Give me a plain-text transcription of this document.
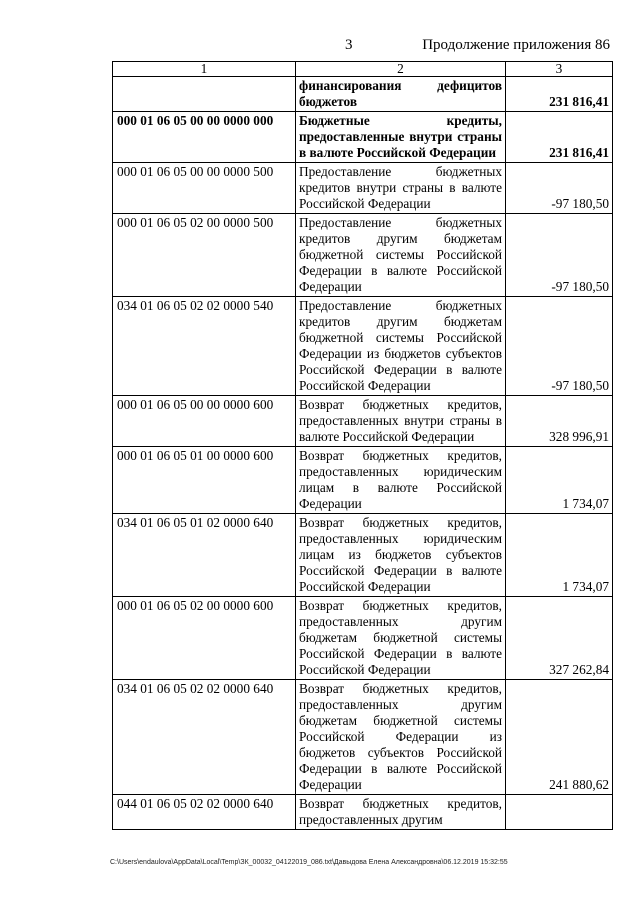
3	Продолжение приложения 86
1	2	3
	финансирования дефицитов бюджетов	231 816,41
000 01 06 05 00 00 0000 000	Бюджетные кредиты, предоставленные внутри страны в валюте Российской Федерации	231 816,41
000 01 06 05 00 00 0000 500	Предоставление бюджетных кредитов внутри страны в валюте Российской Федерации	-97 180,50
000 01 06 05 02 00 0000 500	Предоставление бюджетных кредитов другим бюджетам бюджетной системы Российской Федерации в валюте Российской Федерации	-97 180,50
034 01 06 05 02 02 0000 540	Предоставление бюджетных кредитов другим бюджетам бюджетной системы Российской Федерации из бюджетов субъектов Российской Федерации в валюте Российской Федерации	-97 180,50
000 01 06 05 00 00 0000 600	Возврат бюджетных кредитов, предоставленных внутри страны в валюте Российской Федерации	328 996,91
000 01 06 05 01 00 0000 600	Возврат бюджетных кредитов, предоставленных юридическим лицам в валюте Российской Федерации	1 734,07
034 01 06 05 01 02 0000 640	Возврат бюджетных кредитов, предоставленных юридическим лицам из бюджетов субъектов Российской Федерации в валюте Российской Федерации	1 734,07
000 01 06 05 02 00 0000 600	Возврат бюджетных кредитов, предоставленных другим бюджетам бюджетной системы Российской Федерации в валюте Российской Федерации	327 262,84
034 01 06 05 02 02 0000 640	Возврат бюджетных кредитов, предоставленных другим бюджетам бюджетной системы Российской Федерации из бюджетов субъектов Российской Федерации в валюте Российской Федерации	241 880,62
044 01 06 05 02 02 0000 640	Возврат бюджетных кредитов, предоставленных другим	
C:\Users\endaulova\AppData\Local\Temp\ЗК_00032_04122019_086.txt\Давыдова Елена Александровна\06.12.2019 15:32:55
